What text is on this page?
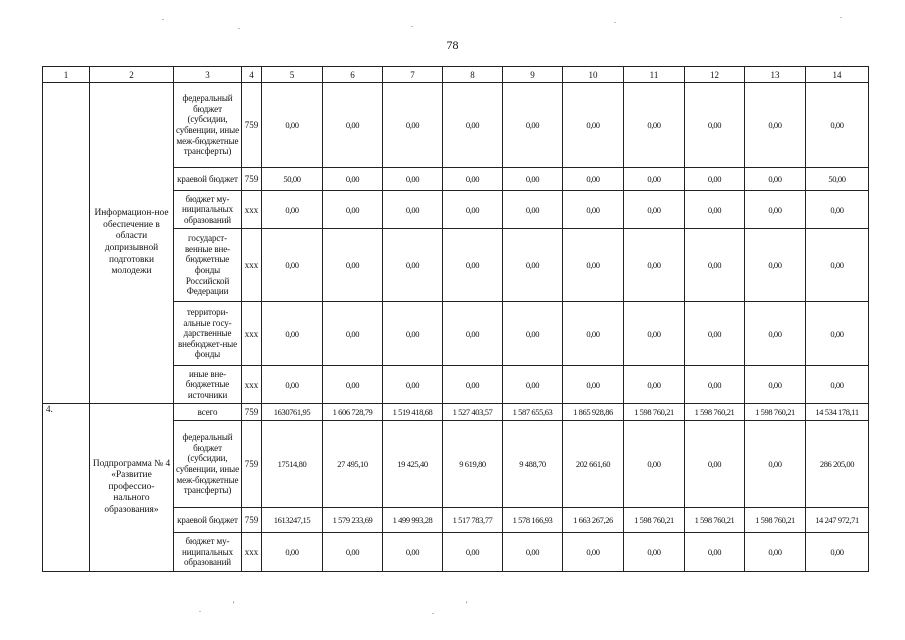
78
1	2	3	4	5	6	7	8	9	10	11	12	13	14
	Информацион-ное обеспечение в области допризывной подготовки молодежи	федеральный бюджет (субсидии, субвенции, иные меж-бюджетные трансферты)	759	0,00	0,00	0,00	0,00	0,00	0,00	0,00	0,00	0,00	0,00
		краевой бюджет	759	50,00	0,00	0,00	0,00	0,00	0,00	0,00	0,00	0,00	50,00
		бюджет му-ниципальных образований	ххх	0,00	0,00	0,00	0,00	0,00	0,00	0,00	0,00	0,00	0,00
		государст-венные вне-бюджетные фонды Российской Федерации	ххх	0,00	0,00	0,00	0,00	0,00	0,00	0,00	0,00	0,00	0,00
		территори-альные госу-дарственные внебюджет-ные фонды	ххх	0,00	0,00	0,00	0,00	0,00	0,00	0,00	0,00	0,00	0,00
		иные вне-бюджетные источники	ххх	0,00	0,00	0,00	0,00	0,00	0,00	0,00	0,00	0,00	0,00
4.	Подпрограмма № 4 «Развитие профессио-нального образования»	всего	759	1630761,95	1 606 728,79	1 519 418,68	1 527 403,57	1 587 655,63	1 865 928,86	1 598 760,21	1 598 760,21	1 598 760,21	14 534 178,11
		федеральный бюджет (субсидии, субвенции, иные меж-бюджетные трансферты)	759	17514,80	27 495,10	19 425,40	9 619,80	9 488,70	202 661,60	0,00	0,00	0,00	286 205,00
		краевой бюджет	759	1613247,15	1 579 233,69	1 499 993,28	1 517 783,77	1 578 166,93	1 663 267,26	1 598 760,21	1 598 760,21	1 598 760,21	14 247 972,71
		бюджет му-ниципальных образований	ххх	0,00	0,00	0,00	0,00	0,00	0,00	0,00	0,00	0,00	0,00
.
.	.	.
.
.
'
.
'
